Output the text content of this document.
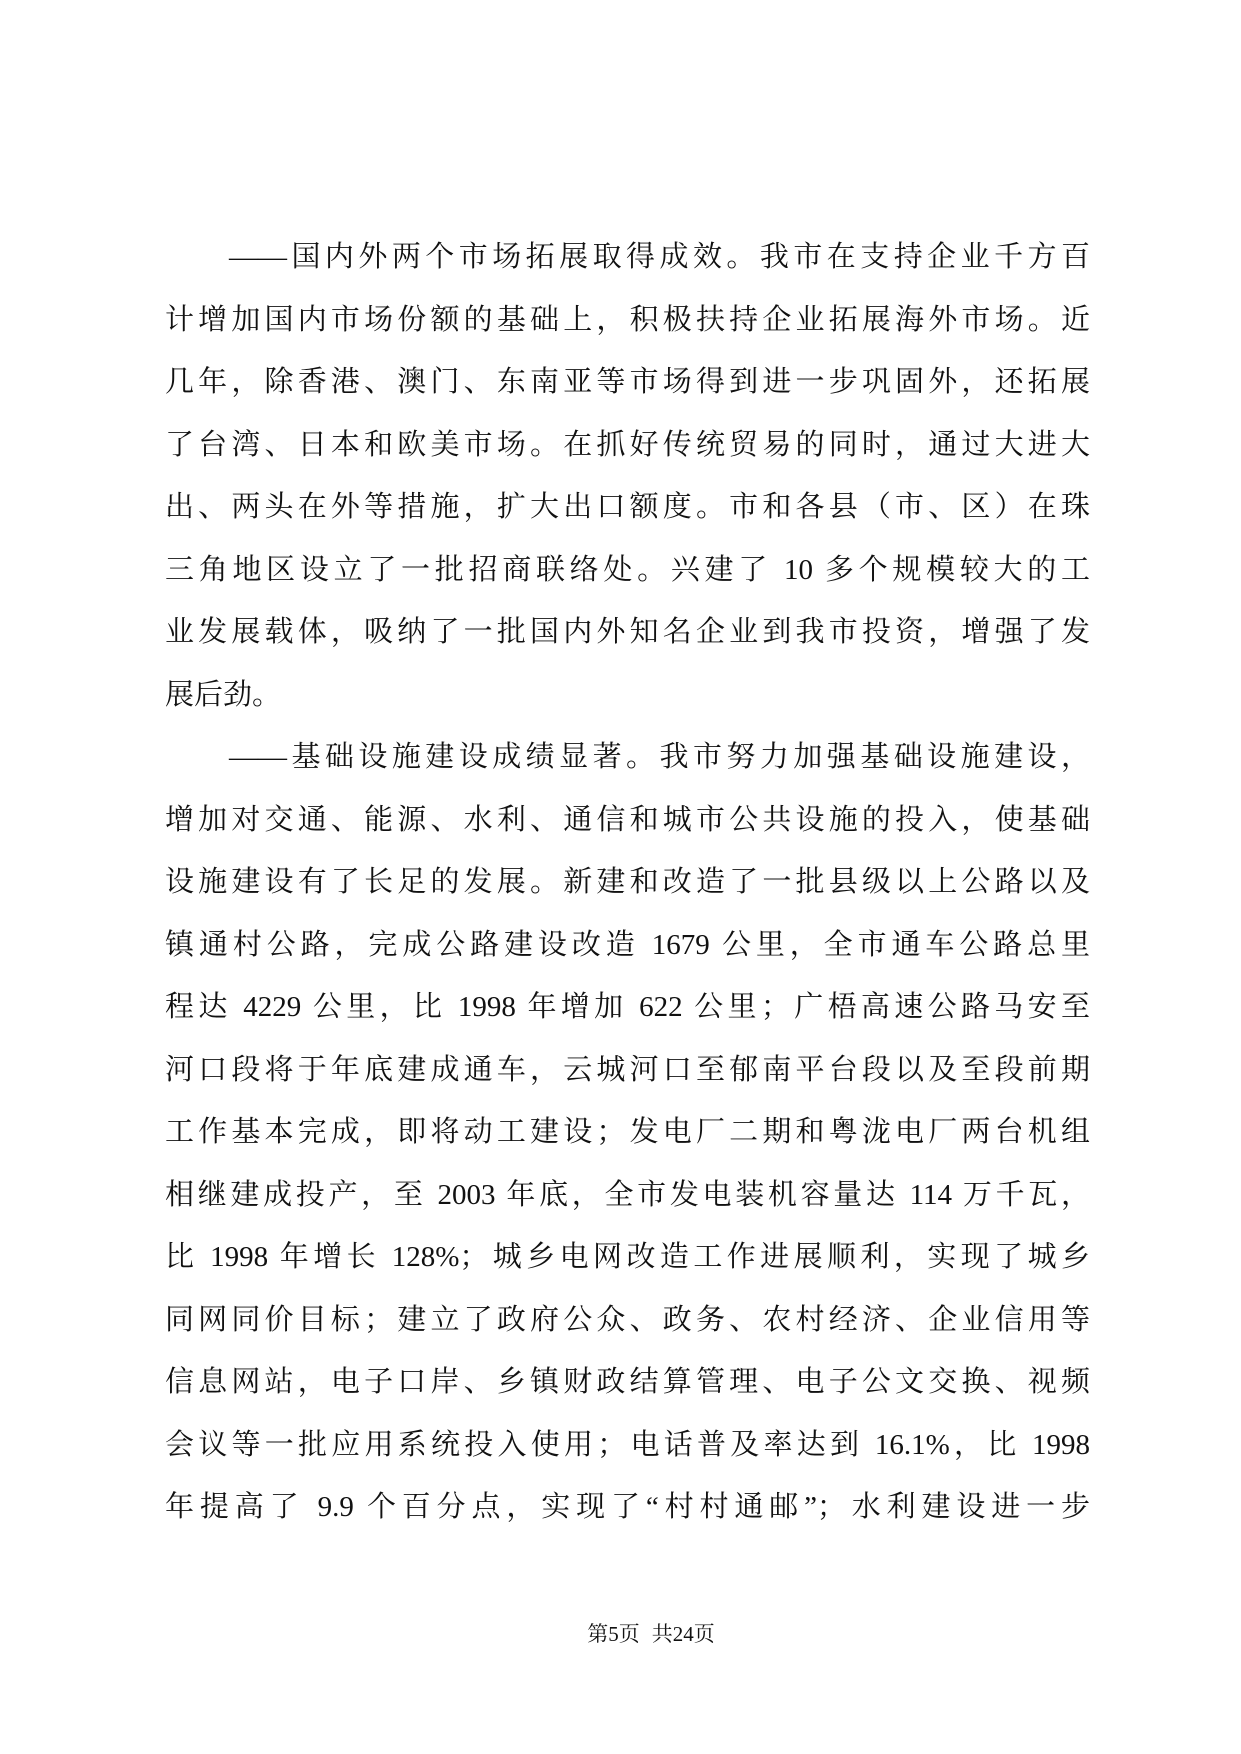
——国内外两个市场拓展取得成效。我市在支持企业千方百
计增加国内市场份额的基础上，积极扶持企业拓展海外市场。近
几年，除香港、澳门、东南亚等市场得到进一步巩固外，还拓展
了台湾、日本和欧美市场。在抓好传统贸易的同时，通过大进大
出、两头在外等措施，扩大出口额度。市和各县（市、区）在珠
三角地区设立了一批招商联络处。兴建了 10 多个规模较大的工
业发展载体，吸纳了一批国内外知名企业到我市投资，增强了发
展后劲。
——基础设施建设成绩显著。我市努力加强基础设施建设，
增加对交通、能源、水利、通信和城市公共设施的投入，使基础
设施建设有了长足的发展。新建和改造了一批县级以上公路以及
镇通村公路，完成公路建设改造 1679 公里，全市通车公路总里
程达 4229 公里，比 1998 年增加 622 公里；广梧高速公路马安至
河口段将于年底建成通车，云城河口至郁南平台段以及至段前期
工作基本完成，即将动工建设；发电厂二期和粤泷电厂两台机组
相继建成投产，至 2003 年底，全市发电装机容量达 114 万千瓦，
比 1998 年增长 128%；城乡电网改造工作进展顺利，实现了城乡
同网同价目标；建立了政府公众、政务、农村经济、企业信用等
信息网站，电子口岸、乡镇财政结算管理、电子公文交换、视频
会议等一批应用系统投入使用；电话普及率达到 16.1%，比 1998
年提高了 9.9 个百分点，实现了“村村通邮”；水利建设进一步
第5页 共24页
